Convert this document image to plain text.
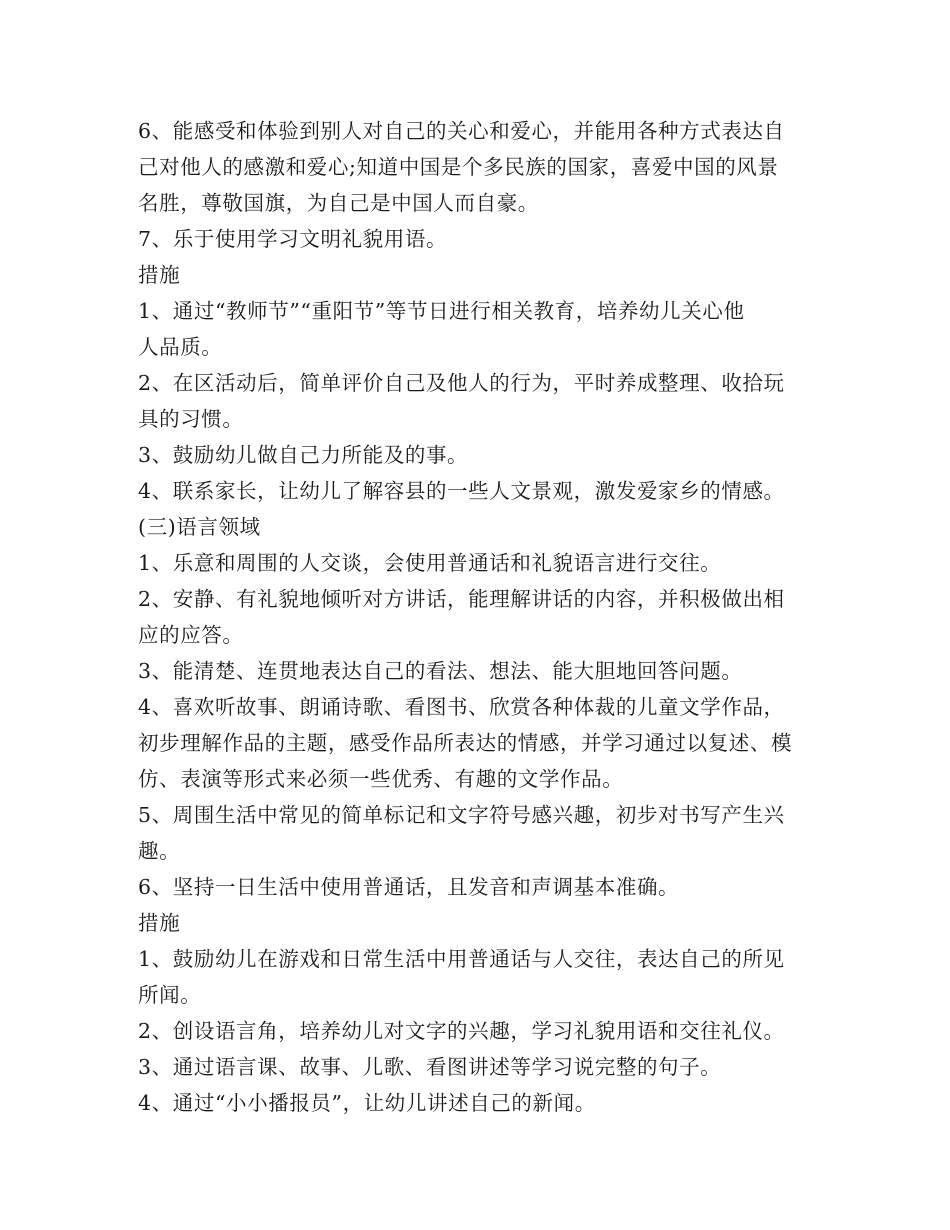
6、能感受和体验到别人对自己的关心和爱心，并能用各种方式表达自
己对他人的感激和爱心;知道中国是个多民族的国家，喜爱中国的风景
名胜，尊敬国旗，为自己是中国人而自豪。
7、乐于使用学习文明礼貌用语。
措施
1、通过“教师节”“重阳节”等节日进行相关教育，培养幼儿关心他
人品质。
2、在区活动后，简单评价自己及他人的行为，平时养成整理、收拾玩
具的习惯。
3、鼓励幼儿做自己力所能及的事。
4、联系家长，让幼儿了解容县的一些人文景观，激发爱家乡的情感。
(三)语言领域
1、乐意和周围的人交谈，会使用普通话和礼貌语言进行交往。
2、安静、有礼貌地倾听对方讲话，能理解讲话的内容，并积极做出相
应的应答。
3、能清楚、连贯地表达自己的看法、想法、能大胆地回答问题。
4、喜欢听故事、朗诵诗歌、看图书、欣赏各种体裁的儿童文学作品，
初步理解作品的主题，感受作品所表达的情感，并学习通过以复述、模
仿、表演等形式来必须一些优秀、有趣的文学作品。
5、周围生活中常见的简单标记和文字符号感兴趣，初步对书写产生兴
趣。
6、坚持一日生活中使用普通话，且发音和声调基本准确。
措施
1、鼓励幼儿在游戏和日常生活中用普通话与人交往，表达自己的所见
所闻。
2、创设语言角，培养幼儿对文字的兴趣，学习礼貌用语和交往礼仪。
3、通过语言课、故事、儿歌、看图讲述等学习说完整的句子。
4、通过“小小播报员”，让幼儿讲述自己的新闻。
